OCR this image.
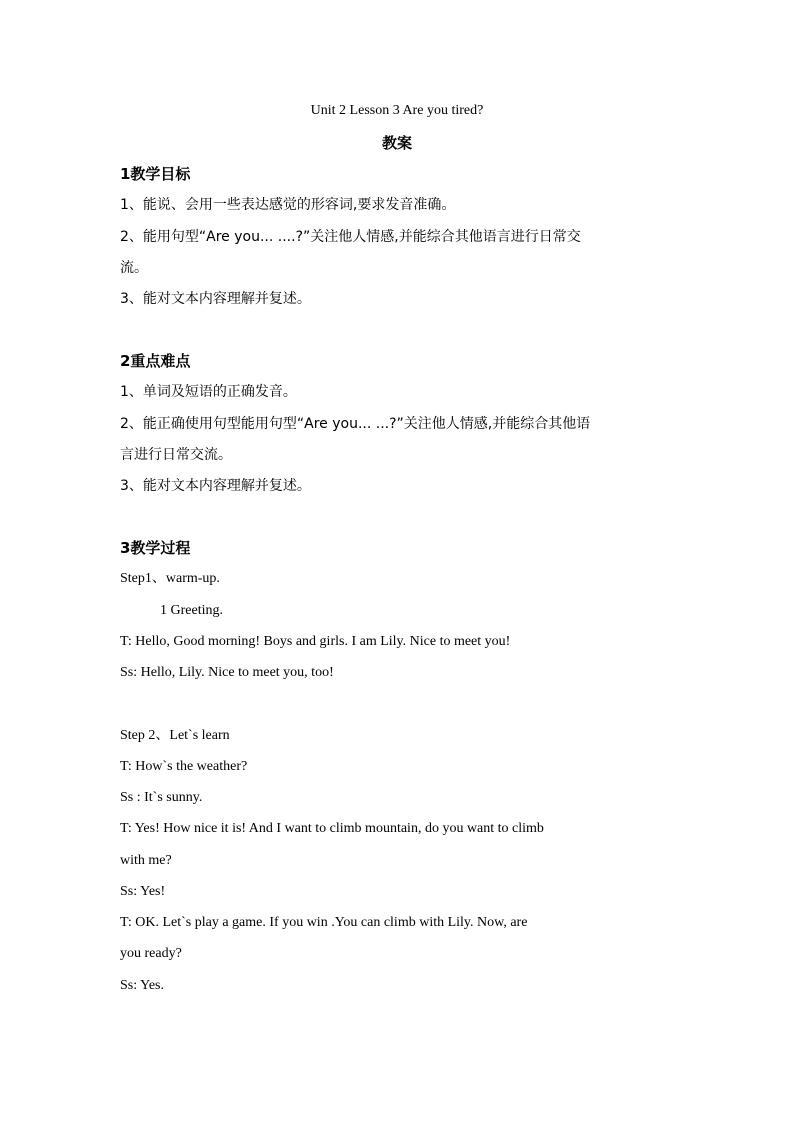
Unit 2 Lesson 3 Are you tired?
教案
1教学目标
1、能说、会用一些表达感觉的形容词,要求发音准确。
2、能用句型“Are you... ....?”关注他人情感,并能综合其他语言进行日常交
流。
3、能对文本内容理解并复述。
2重点难点
1、单词及短语的正确发音。
2、能正确使用句型能用句型“Are you... ...?”关注他人情感,并能综合其他语
言进行日常交流。
3、能对文本内容理解并复述。
3教学过程
Step1、warm-up.
1 Greeting.
T: Hello, Good morning! Boys and girls. I am Lily. Nice to meet you!
Ss: Hello, Lily. Nice to meet you, too!
Step 2、Let`s learn
T: How`s the weather?
Ss : It`s sunny.
T: Yes! How nice it is! And I want to climb mountain, do you want to climb
with me?
Ss: Yes!
T: OK. Let`s play a game. If you win .You can climb with Lily. Now, are
you ready?
Ss: Yes.
